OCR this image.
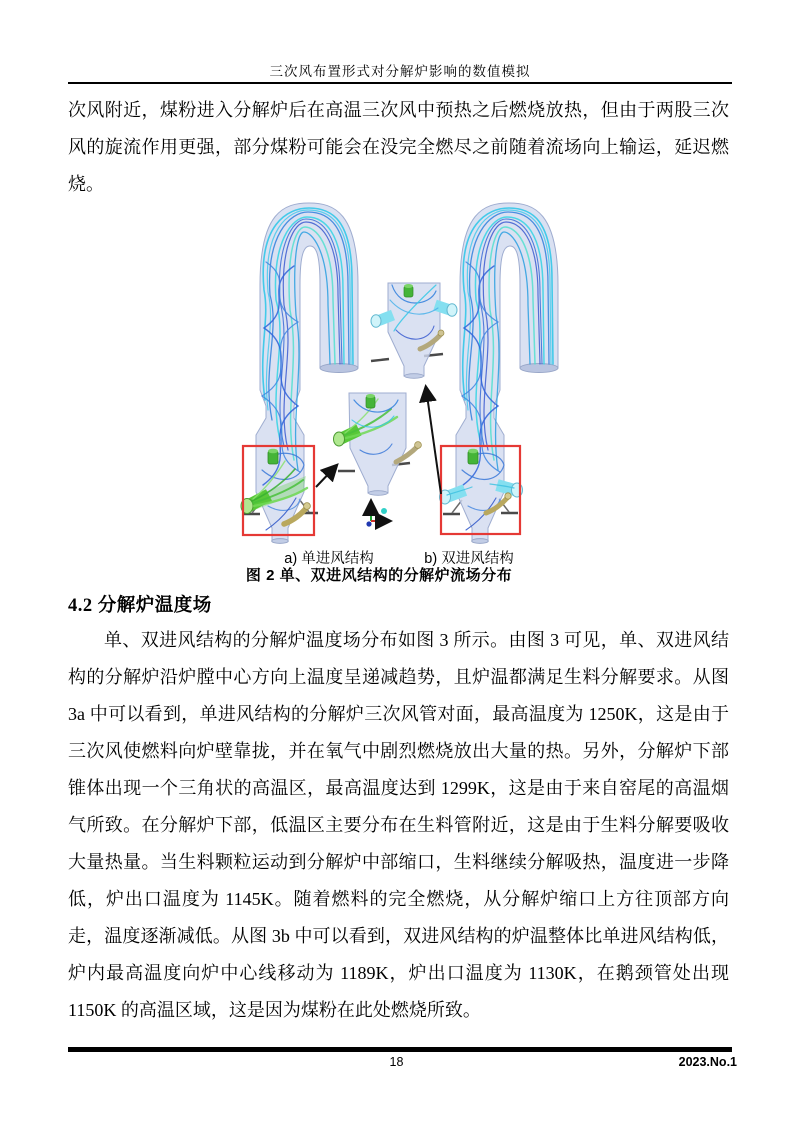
三次风布置形式对分解炉影响的数值模拟
次风附近，煤粉进入分解炉后在高温三次风中预热之后燃烧放热，但由于两股三次风的旋流作用更强，部分煤粉可能会在没完全燃尽之前随着流场向上输运，延迟燃烧。
a) 单进风结构	b) 双进风结构
图 2 单、双进风结构的分解炉流场分布
4.2 分解炉温度场
单、双进风结构的分解炉温度场分布如图 3 所示。由图 3 可见，单、双进风结构的分解炉沿炉膛中心方向上温度呈递减趋势，且炉温都满足生料分解要求。从图 3a 中可以看到，单进风结构的分解炉三次风管对面，最高温度为 1250K，这是由于三次风使燃料向炉壁靠拢，并在氧气中剧烈燃烧放出大量的热。另外，分解炉下部锥体出现一个三角状的高温区，最高温度达到 1299K，这是由于来自窑尾的高温烟气所致。在分解炉下部，低温区主要分布在生料管附近，这是由于生料分解要吸收大量热量。当生料颗粒运动到分解炉中部缩口，生料继续分解吸热，温度进一步降低，炉出口温度为 1145K。随着燃料的完全燃烧，从分解炉缩口上方往顶部方向走，温度逐渐减低。从图 3b 中可以看到，双进风结构的炉温整体比单进风结构低，炉内最高温度向炉中心线移动为 1189K，炉出口温度为 1130K，在鹅颈管处出现 1150K 的高温区域，这是因为煤粉在此处燃烧所致。
18	2023.No.1
